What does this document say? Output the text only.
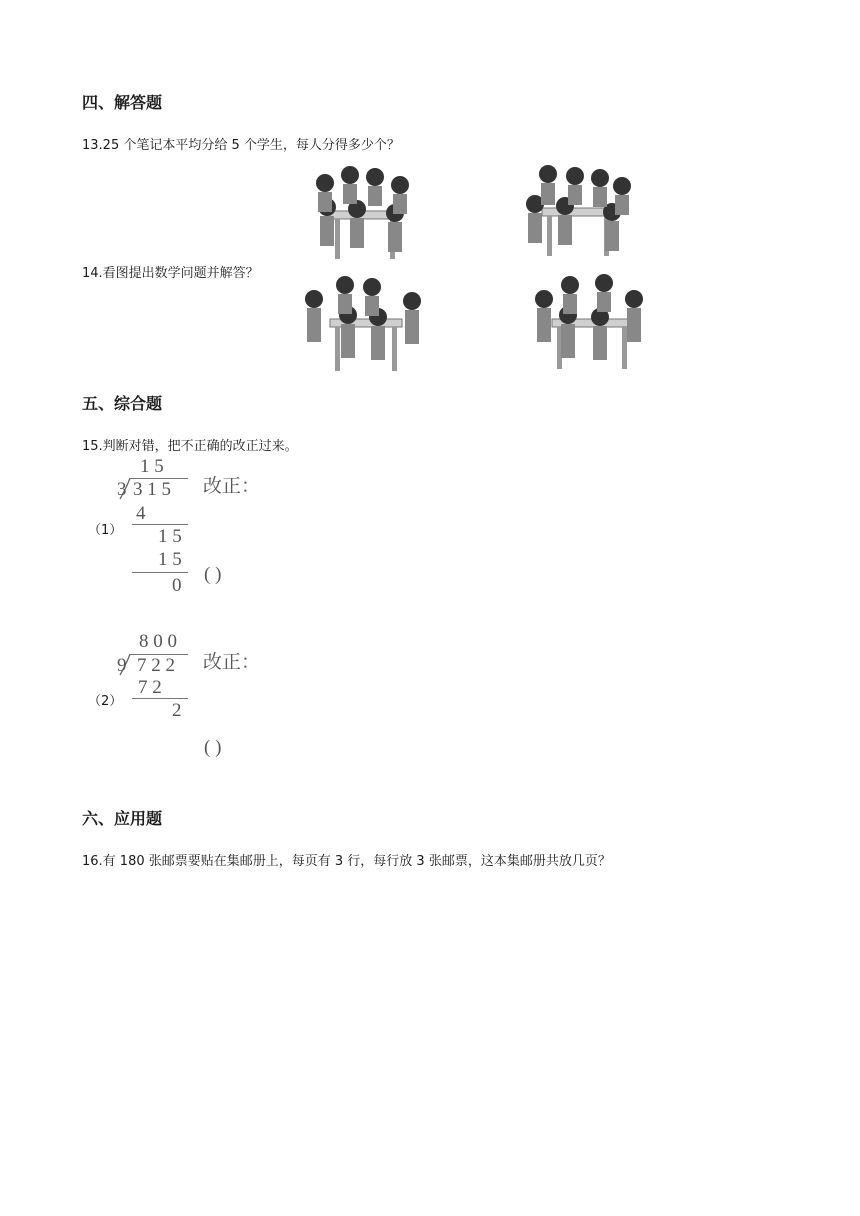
四、解答题
13.25 个笔记本平均分给 5 个学生，每人分得多少个？
14.看图提出数学问题并解答？
五、综合题
15.判断对错，把不正确的改正过来。
1 5
3 3 1 5 改正：
（1）
4
1 5
1 5
0
( )
8 0 0
9 7 2 2 改正：
（2）
7 2
2
( )
六、应用题
16.有 180 张邮票要贴在集邮册上，每页有 3 行，每行放 3 张邮票，这本集邮册共放几页？
